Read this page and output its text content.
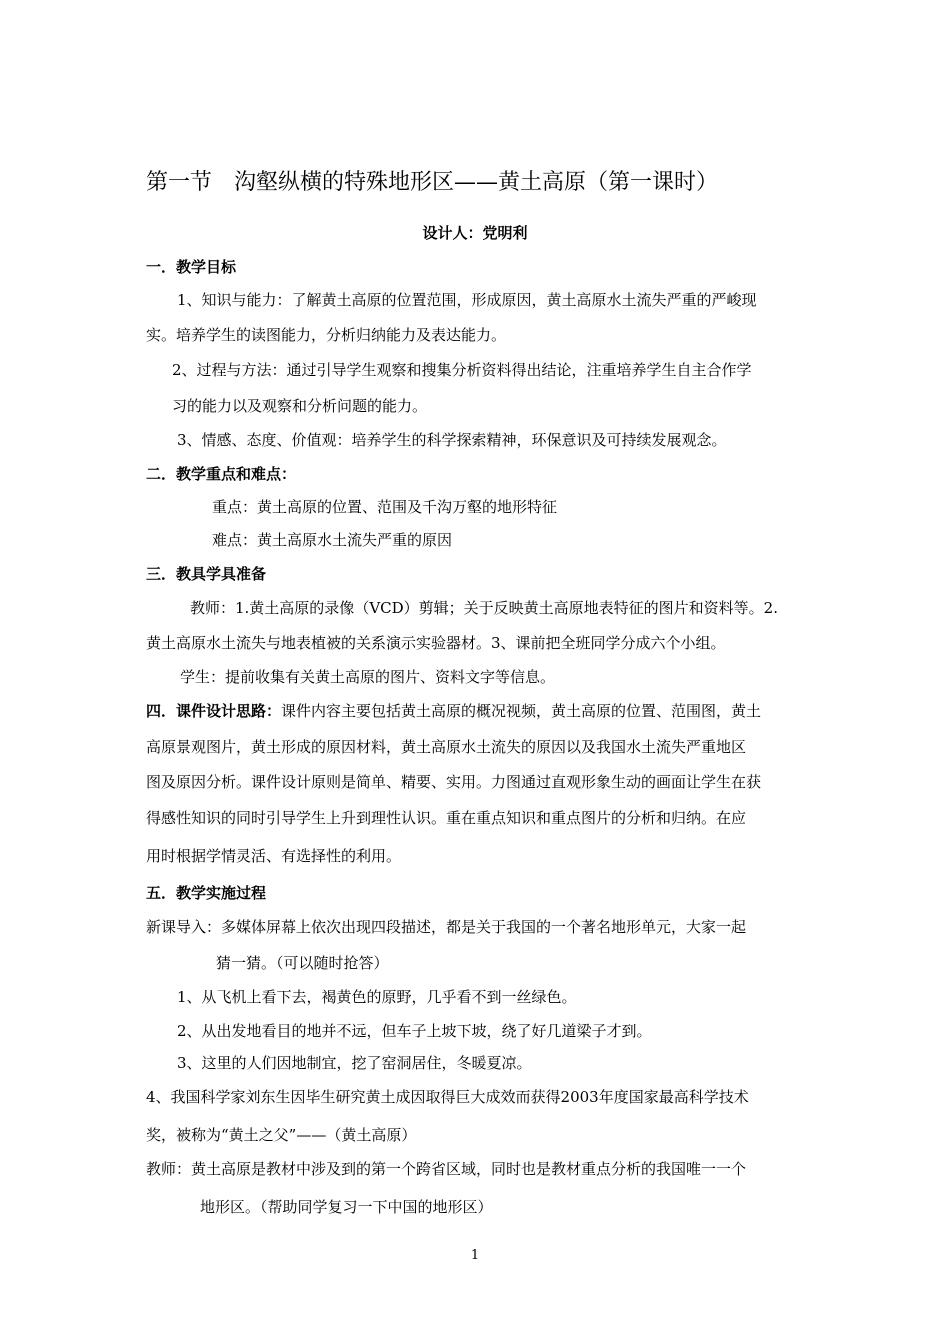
第一节　沟壑纵横的特殊地形区——黄土高原（第一课时）
设计人：党明利
一．教学目标
1、知识与能力：了解黄土高原的位置范围，形成原因，黄土高原水土流失严重的严峻现
实。培养学生的读图能力，分析归纳能力及表达能力。
2、过程与方法：通过引导学生观察和搜集分析资料得出结论，注重培养学生自主合作学
习的能力以及观察和分析问题的能力。
3、情感、态度、价值观：培养学生的科学探索精神，环保意识及可持续发展观念。
二．教学重点和难点：
重点：黄土高原的位置、范围及千沟万壑的地形特征
难点：黄土高原水土流失严重的原因
三．教具学具准备
教师：1.黄土高原的录像（VCD）剪辑；关于反映黄土高原地表特征的图片和资料等。2.
黄土高原水土流失与地表植被的关系演示实验器材。3、课前把全班同学分成六个小组。
学生：提前收集有关黄土高原的图片、资料文字等信息。
四．课件设计思路：课件内容主要包括黄土高原的概况视频，黄土高原的位置、范围图，黄土
高原景观图片，黄土形成的原因材料，黄土高原水土流失的原因以及我国水土流失严重地区
图及原因分析。课件设计原则是简单、精要、实用。力图通过直观形象生动的画面让学生在获
得感性知识的同时引导学生上升到理性认识。重在重点知识和重点图片的分析和归纳。在应
用时根据学情灵活、有选择性的利用。
五．教学实施过程
新课导入：多媒体屏幕上依次出现四段描述，都是关于我国的一个著名地形单元，大家一起
猜一猜。（可以随时抢答）
1、从飞机上看下去，褐黄色的原野，几乎看不到一丝绿色。
2、从出发地看目的地并不远，但车子上坡下坡，绕了好几道梁子才到。
3、这里的人们因地制宜，挖了窑洞居住，冬暖夏凉。
4、我国科学家刘东生因毕生研究黄土成因取得巨大成效而获得2003年度国家最高科学技术
奖，被称为“黄土之父”——（黄土高原）
教师：黄土高原是教材中涉及到的第一个跨省区域，同时也是教材重点分析的我国唯一一个
地形区。（帮助同学复习一下中国的地形区）
1
